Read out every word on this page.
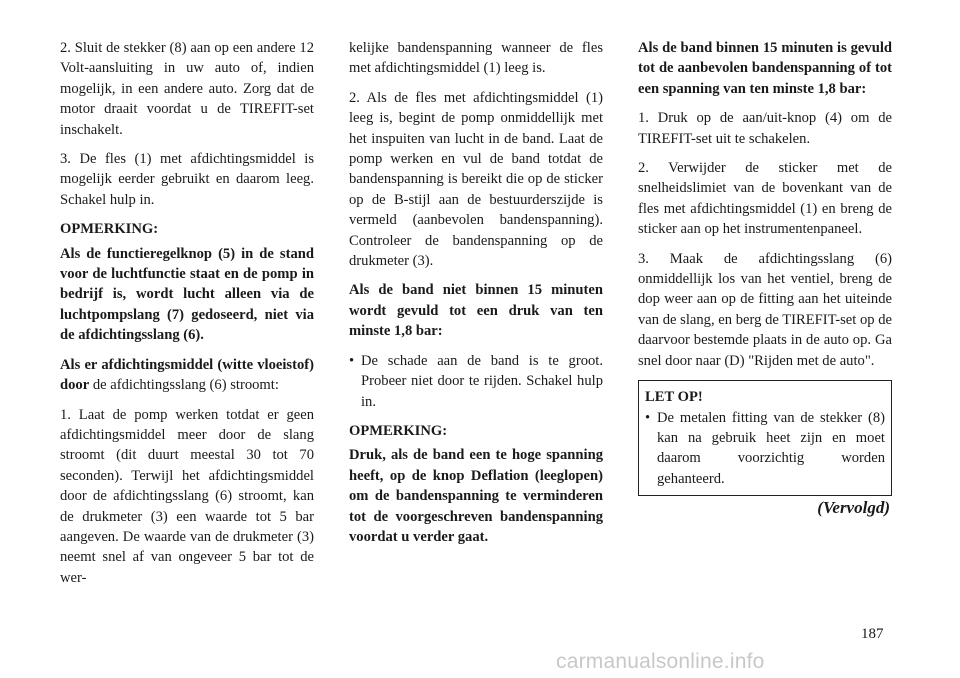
2. Sluit de stekker (8) aan op een andere 12 Volt-aansluiting in uw auto of, indien mogelijk, in een andere auto. Zorg dat de motor draait voordat u de TIREFIT-set inschakelt.

3. De fles (1) met afdichtingsmiddel is mogelijk eerder gebruikt en daarom leeg. Schakel hulp in.

OPMERKING:

Als de functieregelknop (5) in de stand voor de luchtfunctie staat en de pomp in bedrijf is, wordt lucht alleen via de luchtpompslang (7) gedoseerd, niet via de afdichtingsslang (6).

Als er afdichtingsmiddel (witte vloeistof) door de afdichtingsslang (6) stroomt:

1. Laat de pomp werken totdat er geen afdichtingsmiddel meer door de slang stroomt (dit duurt meestal 30 tot 70 seconden). Terwijl het afdichtingsmiddel door de afdichtingsslang (6) stroomt, kan de drukmeter (3) een waarde tot 5 bar aangeven. De waarde van de drukmeter (3) neemt snel af van ongeveer 5 bar tot de wer-

kelijke bandenspanning wanneer de fles met afdichtingsmiddel (1) leeg is.

2. Als de fles met afdichtingsmiddel (1) leeg is, begint de pomp onmiddellijk met het inspuiten van lucht in de band. Laat de pomp werken en vul de band totdat de bandenspanning is bereikt die op de sticker op de B-stijl aan de bestuurderszijde is vermeld (aanbevolen bandenspanning). Controleer de bandenspanning op de drukmeter (3).

Als de band niet binnen 15 minuten wordt gevuld tot een druk van ten minste 1,8 bar:

• De schade aan de band is te groot. Probeer niet door te rijden. Schakel hulp in.

OPMERKING:

Druk, als de band een te hoge spanning heeft, op de knop Deflation (leeglopen) om de bandenspanning te verminderen tot de voorgeschreven bandenspanning voordat u verder gaat.

Als de band binnen 15 minuten is gevuld tot de aanbevolen bandenspanning of tot een spanning van ten minste 1,8 bar:

1. Druk op de aan/uit-knop (4) om de TIREFIT-set uit te schakelen.

2. Verwijder de sticker met de snelheidslimiet van de bovenkant van de fles met afdichtingsmiddel (1) en breng de sticker aan op het instrumentenpaneel.

3. Maak de afdichtingsslang (6) onmiddellijk los van het ventiel, breng de dop weer aan op de fitting aan het uiteinde van de slang, en berg de TIREFIT-set op de daarvoor bestemde plaats in de auto op. Ga snel door naar (D) "Rijden met de auto".

LET OP!
• De metalen fitting van de stekker (8) kan na gebruik heet zijn en moet daarom voorzichtig worden gehanteerd.
(Vervolgd)
187
carmanualsonline.info
